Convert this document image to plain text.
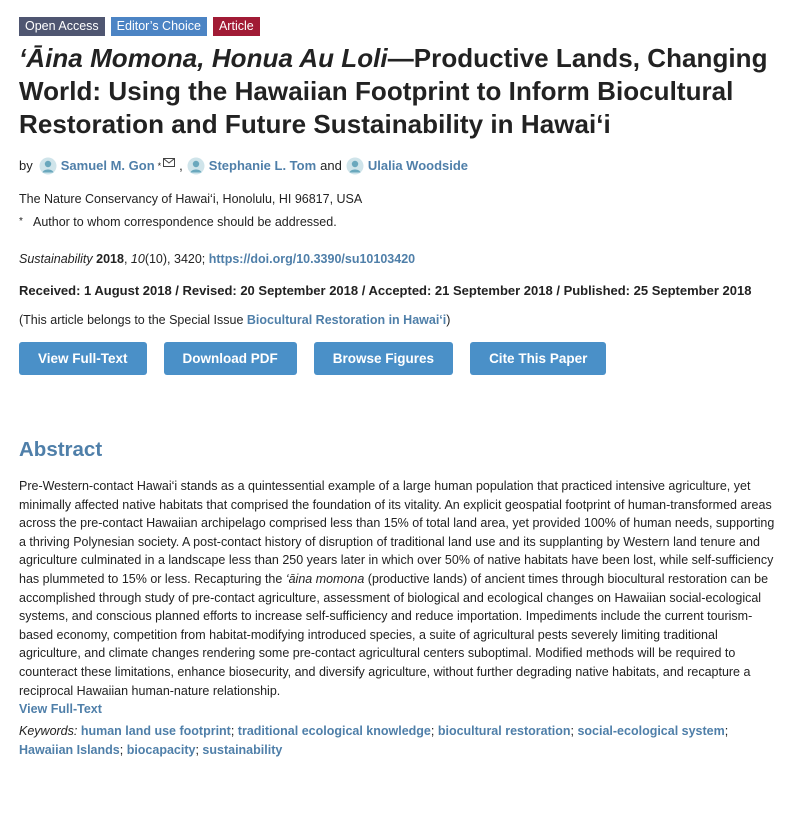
Open Access	Editor’s Choice	Article
‘Āina Momona, Honua Au Loli—Productive Lands, Changing World: Using the Hawaiian Footprint to Inform Biocultural Restoration and Future Sustainability in Hawai‘i
by Samuel M. Gon * , Stephanie L. Tom and Ulalia Woodside
The Nature Conservancy of Hawai‘i, Honolulu, HI 96817, USA
* Author to whom correspondence should be addressed.
Sustainability 2018, 10(10), 3420; https://doi.org/10.3390/su10103420
Received: 1 August 2018 / Revised: 20 September 2018 / Accepted: 21 September 2018 / Published: 25 September 2018
(This article belongs to the Special Issue Biocultural Restoration in Hawai‘i)
View Full-Text	Download PDF	Browse Figures	Cite This Paper
Abstract
Pre-Western-contact Hawai‘i stands as a quintessential example of a large human population that practiced intensive agriculture, yet minimally affected native habitats that comprised the foundation of its vitality. An explicit geospatial footprint of human-transformed areas across the pre-contact Hawaiian archipelago comprised less than 15% of total land area, yet provided 100% of human needs, supporting a thriving Polynesian society. A post-contact history of disruption of traditional land use and its supplanting by Western land tenure and agriculture culminated in a landscape less than 250 years later in which over 50% of native habitats have been lost, while self-sufficiency has plummeted to 15% or less. Recapturing the ‘āina momona (productive lands) of ancient times through biocultural restoration can be accomplished through study of pre-contact agriculture, assessment of biological and ecological changes on Hawaiian social-ecological systems, and conscious planned efforts to increase self-sufficiency and reduce importation. Impediments include the current tourism-based economy, competition from habitat-modifying introduced species, a suite of agricultural pests severely limiting traditional agriculture, and climate changes rendering some pre-contact agricultural centers suboptimal. Modified methods will be required to counteract these limitations, enhance biosecurity, and diversify agriculture, without further degrading native habitats, and recapture a reciprocal Hawaiian human-nature relationship.
View Full-Text
Keywords: human land use footprint; traditional ecological knowledge; biocultural restoration; social-ecological system; Hawaiian Islands; biocapacity; sustainability
